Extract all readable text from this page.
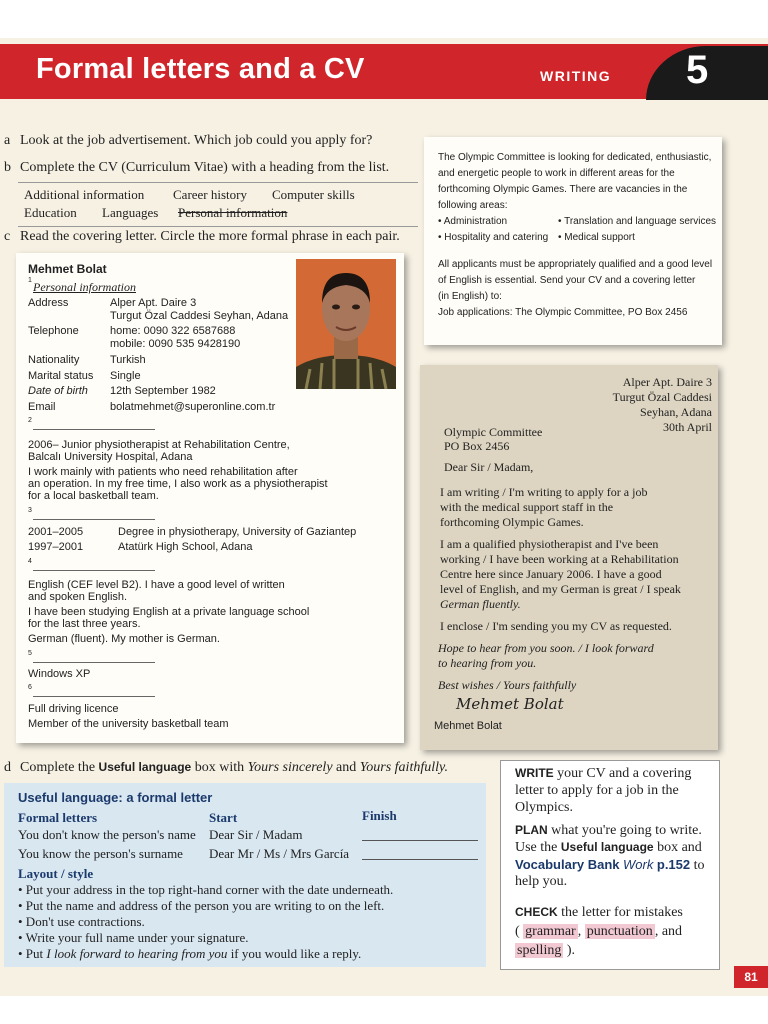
Formal letters and a CV	WRITING 5
a Look at the job advertisement. Which job could you apply for?
b Complete the CV (Curriculum Vitae) with a heading from the list.
Additional information Career history Computer skills
Education Languages Personal information
c Read the covering letter. Circle the more formal phrase in each pair.
Mehmet Bolat
1 Personal information
Address	Alper Apt. Daire 3
Turgut Özal Caddesi Seyhan, Adana
Telephone	home: 0090 322 6587688
mobile: 0090 535 9428190
Nationality	Turkish
Marital status Single
Date of birth 12th September 1982
Email	bolatmehmet@superonline.com.tr
2
2006– Junior physiotherapist at Rehabilitation Centre,
Balcalı University Hospital, Adana
I work mainly with patients who need rehabilitation after
an operation. In my free time, I also work as a physiotherapist
for a local basketball team.
3
2001–2005	Degree in physiotherapy, University of Gaziantep
1997–2001	Atatürk High School, Adana
4
English (CEF level B2). I have a good level of written
and spoken English.
I have been studying English at a private language school
for the last three years.
German (fluent). My mother is German.
5
Windows XP
6
Full driving licence
Member of the university basketball team
The Olympic Committee is looking for dedicated, enthusiastic,
and energetic people to work in different areas for the
forthcoming Olympic Games. There are vacancies in the
following areas:
• Administration	• Translation and language services
• Hospitality and catering • Medical support
All applicants must be appropriately qualified and a good level
of English is essential. Send your CV and a covering letter
(in English) to:
Job applications: The Olympic Committee, PO Box 2456
Alper Apt. Daire 3
Turgut Özal Caddesi
Seyhan, Adana
30th April
Olympic Committee
PO Box 2456
Dear Sir / Madam,
I am writing / I'm writing to apply for a job
with the medical support staff in the
forthcoming Olympic Games.
I am a qualified physiotherapist and I've been
working / I have been working at a Rehabilitation
Centre here since January 2006. I have a good
level of English, and my German is great / I speak
German fluently.
I enclose / I'm sending you my CV as requested.
Hope to hear from you soon. / I look forward
to hearing from you.
Best wishes / Yours faithfully
Mehmet Bolat
Mehmet Bolat
d Complete the Useful language box with Yours sincerely and Yours faithfully.
Useful language: a formal letter
Formal letters	Start	Finish
You don't know the person's name Dear Sir / Madam
You know the person's surname Dear Mr / Ms / Mrs García
Layout / style
• Put your address in the top right-hand corner with the date underneath.
• Put the name and address of the person you are writing to on the left.
• Don't use contractions.
• Write your full name under your signature.
• Put I look forward to hearing from you if you would like a reply.
WRITE your CV and a covering
letter to apply for a job in the
Olympics.
PLAN what you're going to write.
Use the Useful language box and
Vocabulary Bank Work p.152 to
help you.
CHECK the letter for mistakes
( grammar , punctuation , and
spelling ).
81
